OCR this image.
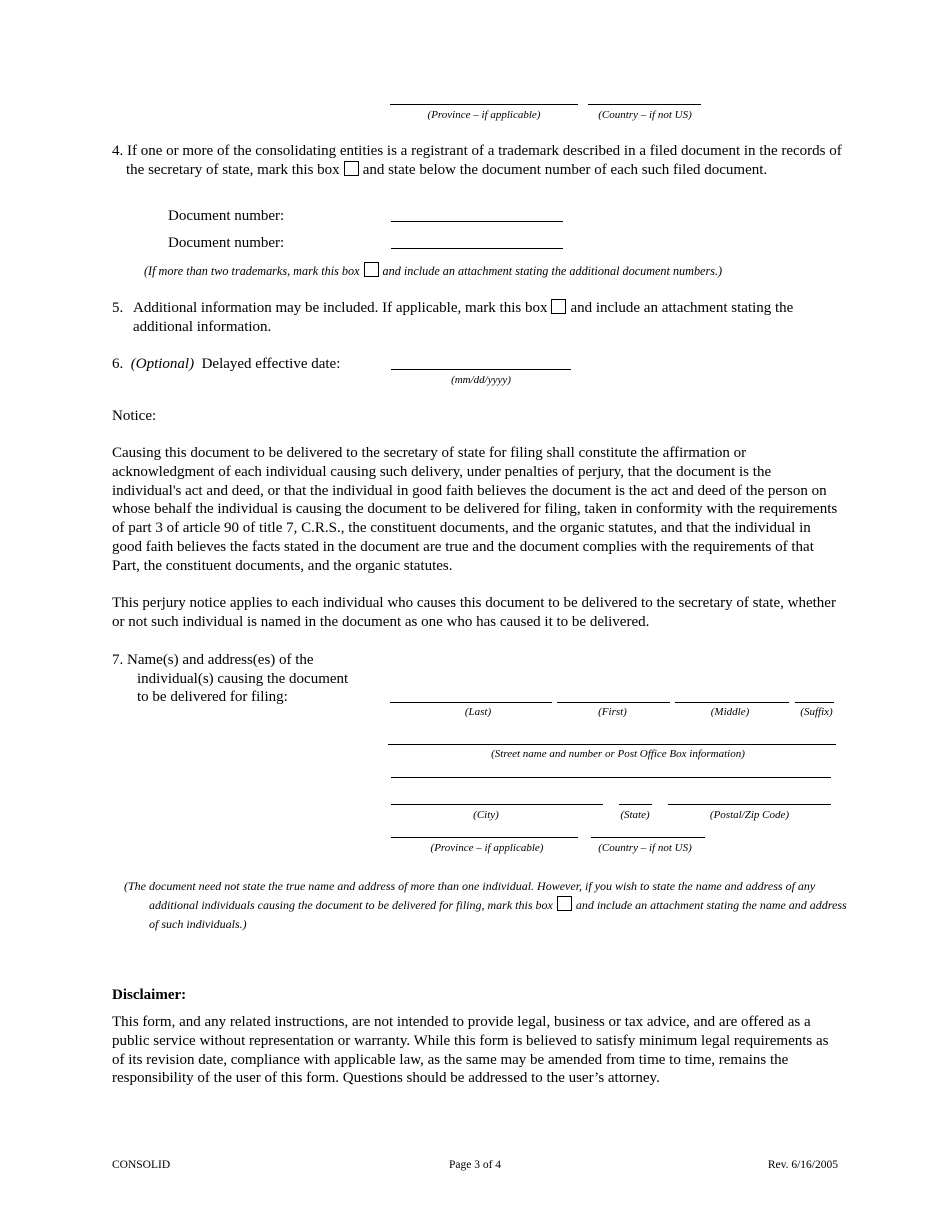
(Province – if applicable)	(Country – if not US)
4. If one or more of the consolidating entities is a registrant of a trademark described in a filed document in the records of the secretary of state, mark this box and state below the document number of each such filed document.
Document number:
Document number:
(If more than two trademarks, mark this box and include an attachment stating the additional document numbers.)
5. Additional information may be included. If applicable, mark this box and include an attachment stating the additional information.
6. (Optional) Delayed effective date:
(mm/dd/yyyy)
Notice:
Causing this document to be delivered to the secretary of state for filing shall constitute the affirmation or acknowledgment of each individual causing such delivery, under penalties of perjury, that the document is the individual's act and deed, or that the individual in good faith believes the document is the act and deed of the person on whose behalf the individual is causing the document to be delivered for filing, taken in conformity with the requirements of part 3 of article 90 of title 7, C.R.S., the constituent documents, and the organic statutes, and that the individual in good faith believes the facts stated in the document are true and the document complies with the requirements of that Part, the constituent documents, and the organic statutes.
This perjury notice applies to each individual who causes this document to be delivered to the secretary of state, whether or not such individual is named in the document as one who has caused it to be delivered.
7. Name(s) and address(es) of the
individual(s) causing the document
to be delivered for filing:
(Last)	(First)	(Middle)	(Suffix)
(Street name and number or Post Office Box information)
(City)	(State)	(Postal/Zip Code)
(Province – if applicable)	(Country – if not US)
(The document need not state the true name and address of more than one individual. However, if you wish to state the name and address of any additional individuals causing the document to be delivered for filing, mark this box and include an attachment stating the name and address of such individuals.)
Disclaimer:
This form, and any related instructions, are not intended to provide legal, business or tax advice, and are offered as a public service without representation or warranty. While this form is believed to satisfy minimum legal requirements as of its revision date, compliance with applicable law, as the same may be amended from time to time, remains the responsibility of the user of this form. Questions should be addressed to the user’s attorney.
CONSOLID	Page 3 of 4	Rev. 6/16/2005
